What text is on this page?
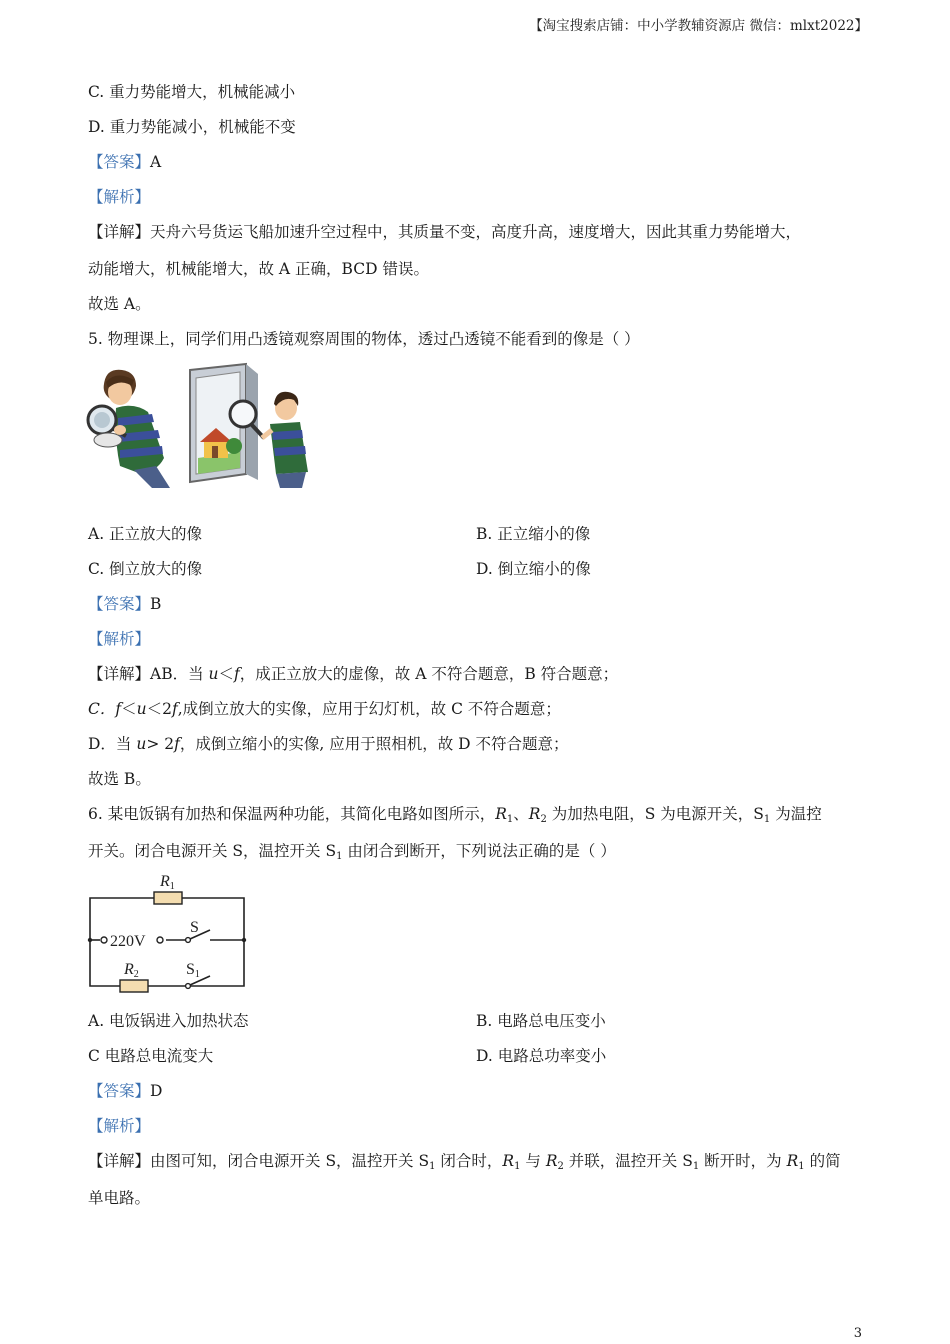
【淘宝搜索店铺：中小学教辅资源店 微信：mlxt2022】
C. 重力势能增大，机械能减小
D. 重力势能减小，机械能不变
【答案】A
【解析】
【详解】天舟六号货运飞船加速升空过程中，其质量不变，高度升高，速度增大，因此其重力势能增大，
动能增大，机械能增大，故 A 正确，BCD 错误。
故选 A。
5. 物理课上，同学们用凸透镜观察周围的物体，透过凸透镜不能看到的像是（ ）
A. 正立放大的像	B. 正立缩小的像
C. 倒立放大的像	D. 倒立缩小的像
【答案】B
【解析】
【详解】AB．当 u＜f，成正立放大的虚像，故 A 不符合题意，B 符合题意；
C．f＜u＜2f,成倒立放大的实像，应用于幻灯机，故 C 不符合题意；
D．当 u> 2f，成倒立缩小的实像, 应用于照相机，故 D 不符合题意；
故选 B。
6. 某电饭锅有加热和保温两种功能，其简化电路如图所示，$R_1$、$R_2$ 为加热电阻，S 为电源开关，$S_1$ 为温控
开关。闭合电源开关 S，温控开关 $S_1$ 由闭合到断开，下列说法正确的是（ ）
R1
220V
S
R2	S1
A. 电饭锅进入加热状态	B. 电路总电压变小
C 电路总电流变大	D. 电路总功率变小
【答案】D
【解析】
【详解】由图可知，闭合电源开关 S，温控开关 $S_1$ 闭合时，$R_1$ 与 $R_2$ 并联，温控开关 $S_1$ 断开时，为 $R_1$ 的简
单电路。
3
